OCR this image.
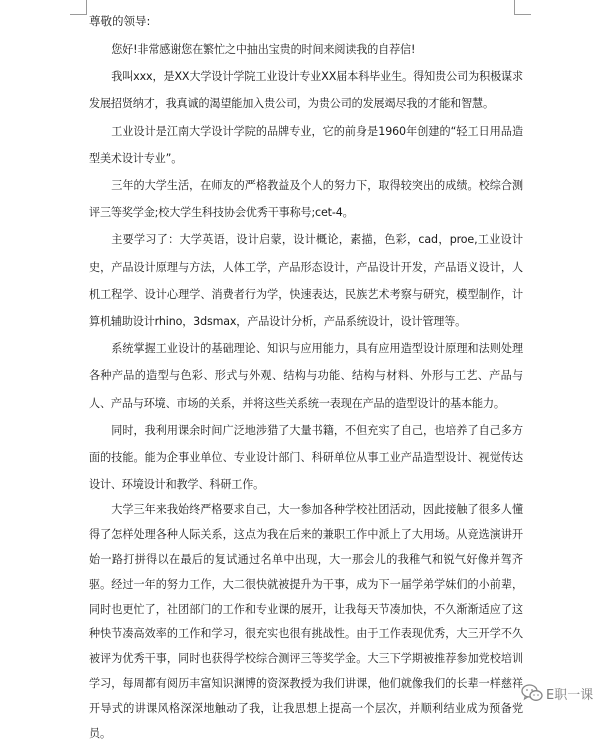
尊敬的领导:

您好!非常感谢您在繁忙之中抽出宝贵的时间来阅读我的自荐信!

我叫xxx，是XX大学设计学院工业设计专业XX届本科毕业生。得知贵公司为积极谋求发展招贤纳才，我真诚的渴望能加入贵公司，为贵公司的发展竭尽我的才能和智慧。

工业设计是江南大学设计学院的品牌专业，它的前身是1960年创建的“轻工日用品造型美术设计专业”。

三年的大学生活，在师友的严格教益及个人的努力下，取得较突出的成绩。校综合测评三等奖学金;校大学生科技协会优秀干事称号;cet-4。

主要学习了：大学英语，设计启蒙，设计概论，素描，色彩，cad，proe,工业设计史，产品设计原理与方法，人体工学，产品形态设计，产品设计开发，产品语义设计，人机工程学、设计心理学、消费者行为学，快速表达，民族艺术考察与研究，模型制作，计算机辅助设计rhino，3dsmax，产品设计分析，产品系统设计，设计管理等。

系统掌握工业设计的基础理论、知识与应用能力，具有应用造型设计原理和法则处理各种产品的造型与色彩、形式与外观、结构与功能、结构与材料、外形与工艺、产品与人、产品与环境、市场的关系，并将这些关系统一表现在产品的造型设计的基本能力。

同时，我利用课余时间广泛地涉猎了大量书籍，不但充实了自己，也培养了自己多方面的技能。能为企事业单位、专业设计部门、科研单位从事工业产品造型设计、视觉传达设计、环境设计和教学、科研工作。

大学三年来我始终严格要求自己，大一参加各种学校社团活动，因此接触了很多人懂得了怎样处理各种人际关系，这点为我在后来的兼职工作中派上了大用场。从竞选演讲开始一路打拼得以在最后的复试通过名单中出现，大一那会儿的我稚气和锐气好像并驾齐驱。经过一年的努力工作，大二很快就被提升为干事，成为下一届学弟学妹们的小前辈，同时也更忙了，社团部门的工作和专业课的展开，让我每天节凑加快，不久渐渐适应了这种快节凑高效率的工作和学习，很充实也很有挑战性。由于工作表现优秀，大三开学不久被评为优秀干事，同时也获得学校综合测评三等奖学金。大三下学期被推荐参加党校培训学习，每周都有阅历丰富知识渊博的资深教授为我们讲课，他们就像我们的长辈一样慈祥开导式的讲课风格深深地触动了我，让我思想上提高一个层次，并顺利结业成为预备党员。

E职一课
